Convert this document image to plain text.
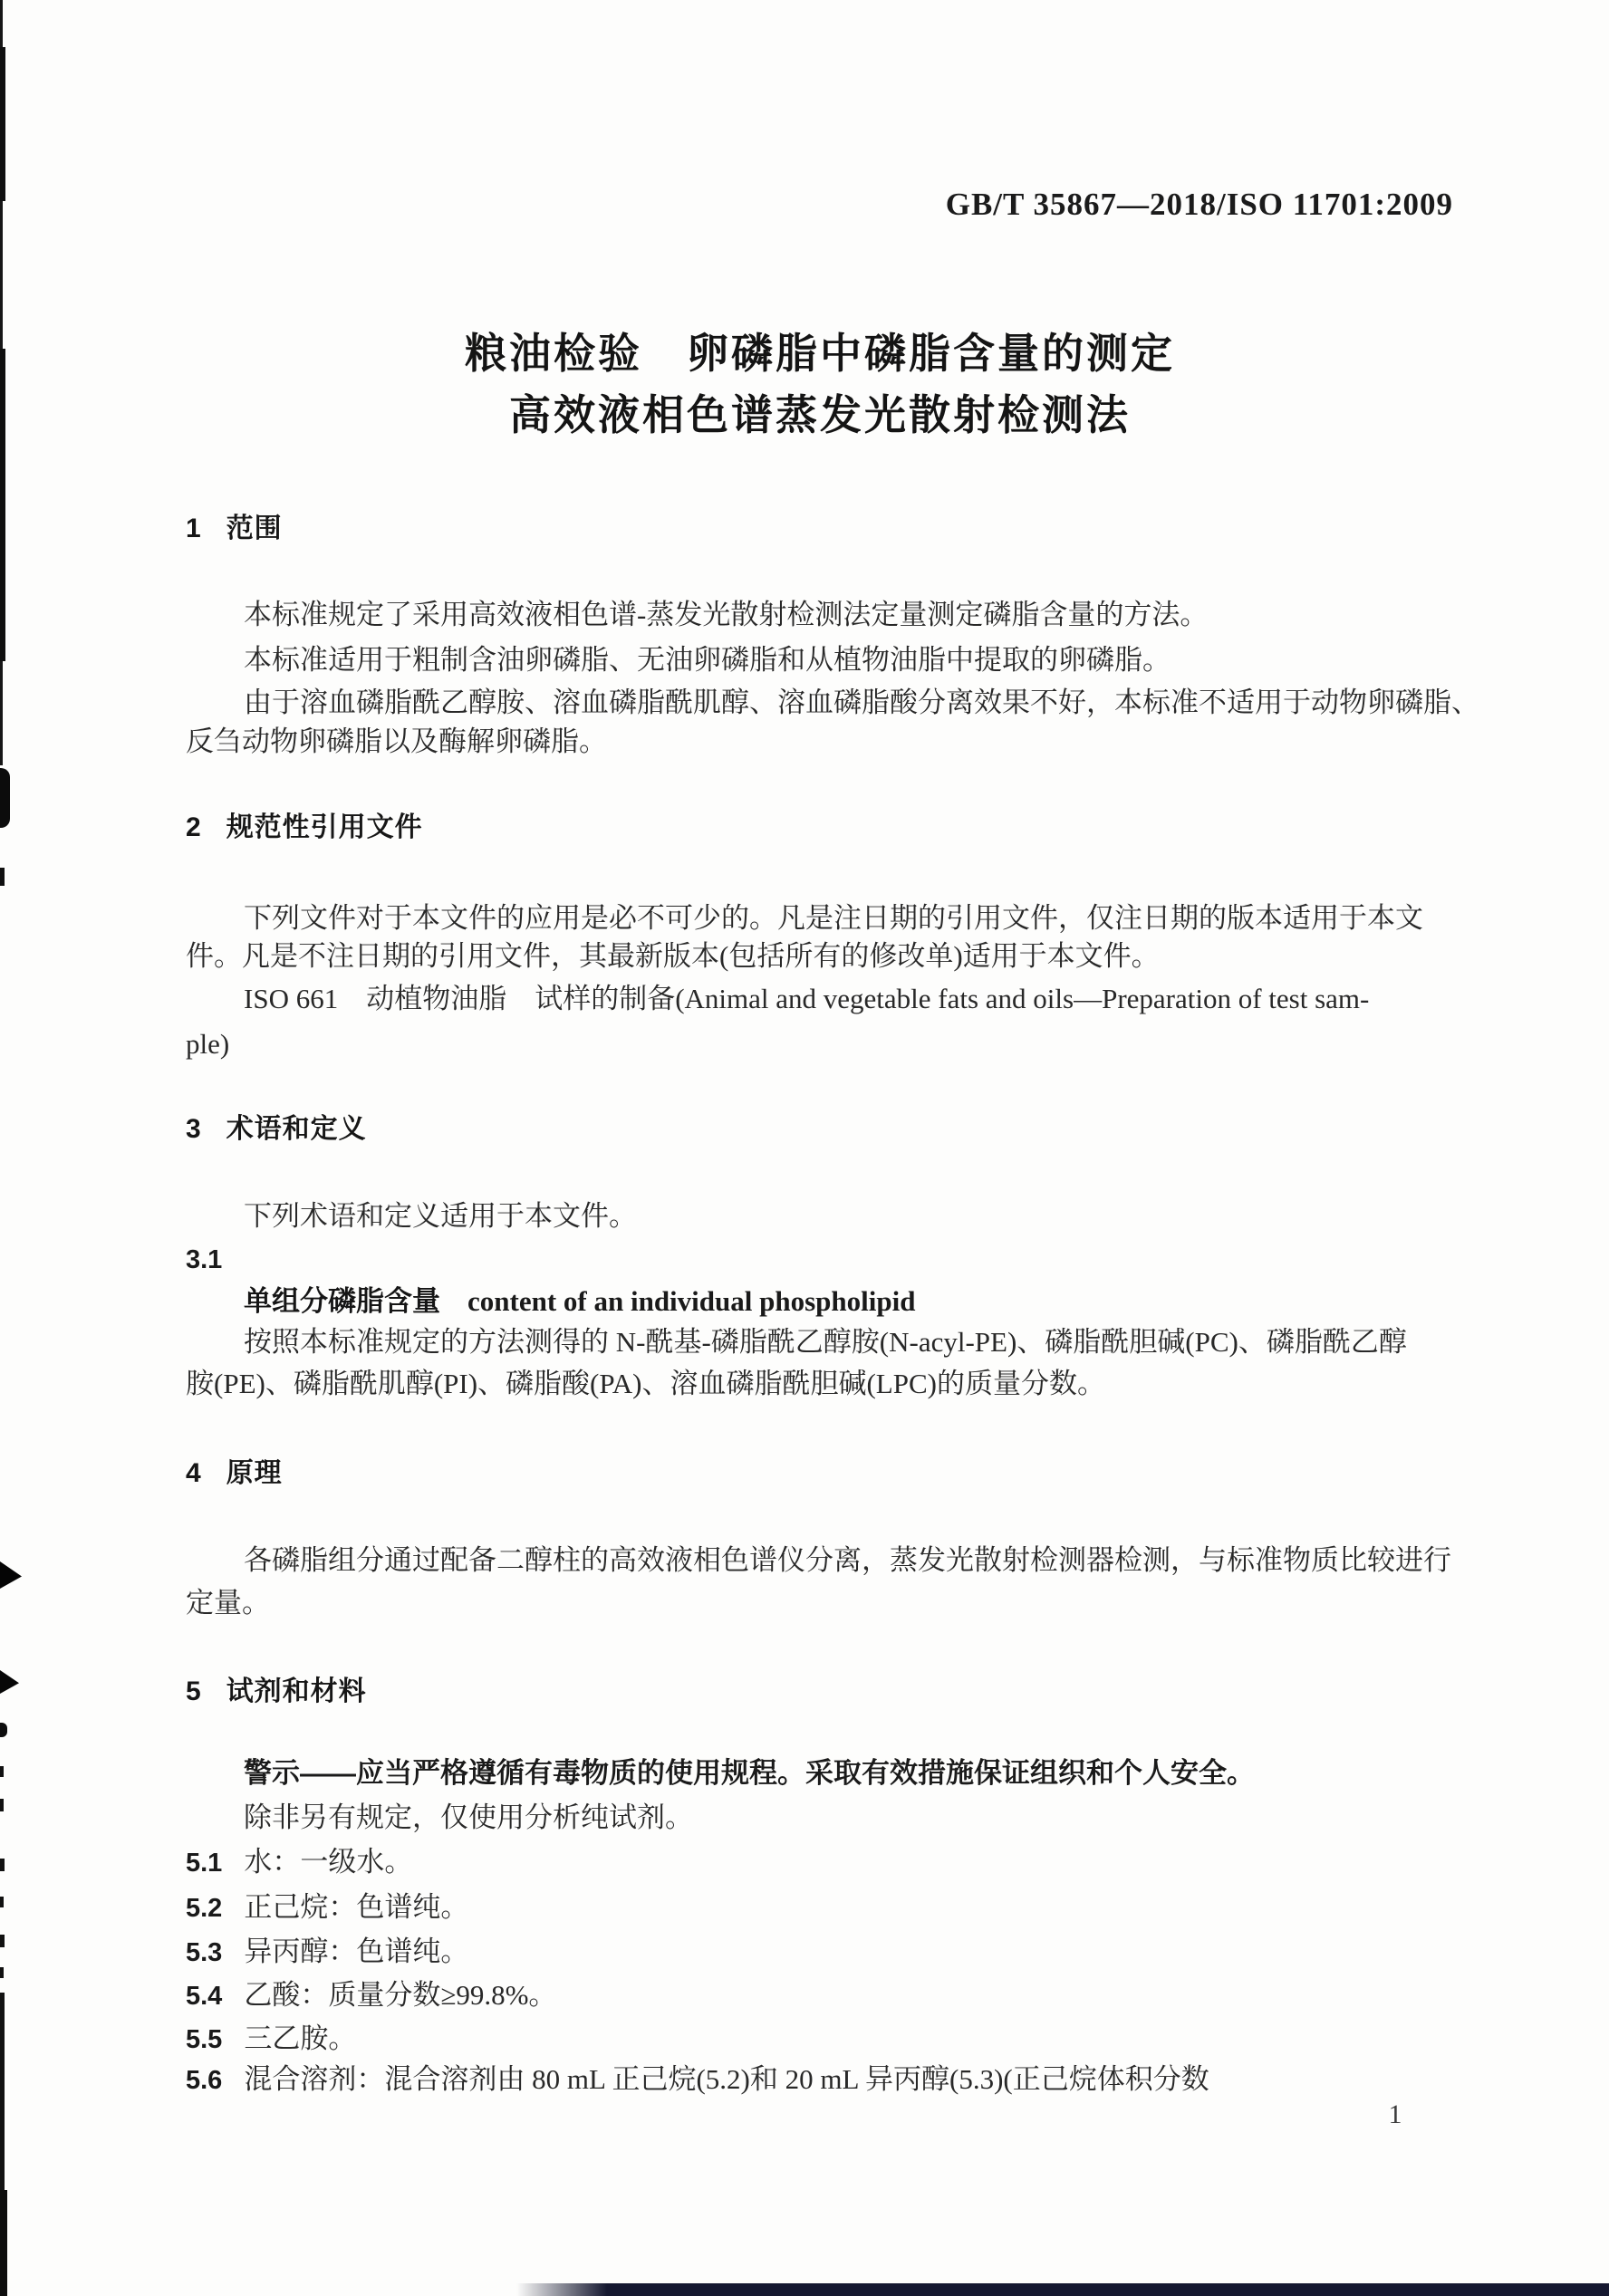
GB/T 35867—2018/ISO 11701:2009
粮油检验　卵磷脂中磷脂含量的测定
高效液相色谱蒸发光散射检测法
1 范围
本标准规定了采用高效液相色谱-蒸发光散射检测法定量测定磷脂含量的方法。
本标准适用于粗制含油卵磷脂、无油卵磷脂和从植物油脂中提取的卵磷脂。
由于溶血磷脂酰乙醇胺、溶血磷脂酰肌醇、溶血磷脂酸分离效果不好，本标准不适用于动物卵磷脂、
反刍动物卵磷脂以及酶解卵磷脂。
2 规范性引用文件
下列文件对于本文件的应用是必不可少的。凡是注日期的引用文件，仅注日期的版本适用于本文
件。凡是不注日期的引用文件，其最新版本(包括所有的修改单)适用于本文件。
ISO 661　动植物油脂　试样的制备(Animal and vegetable fats and oils—Preparation of test sam-
ple)
3 术语和定义
下列术语和定义适用于本文件。
3.1
单组分磷脂含量 content of an individual phospholipid
按照本标准规定的方法测得的 N-酰基-磷脂酰乙醇胺(N-acyl-PE)、磷脂酰胆碱(PC)、磷脂酰乙醇
胺(PE)、磷脂酰肌醇(PI)、磷脂酸(PA)、溶血磷脂酰胆碱(LPC)的质量分数。
4 原理
各磷脂组分通过配备二醇柱的高效液相色谱仪分离，蒸发光散射检测器检测，与标准物质比较进行
定量。
5 试剂和材料
警示——应当严格遵循有毒物质的使用规程。采取有效措施保证组织和个人安全。
除非另有规定，仅使用分析纯试剂。
5.1 水：一级水。
5.2 正己烷：色谱纯。
5.3 异丙醇：色谱纯。
5.4 乙酸：质量分数≥99.8%。
5.5 三乙胺。
5.6 混合溶剂：混合溶剂由 80 mL 正己烷(5.2)和 20 mL 异丙醇(5.3)(正己烷体积分数
1
